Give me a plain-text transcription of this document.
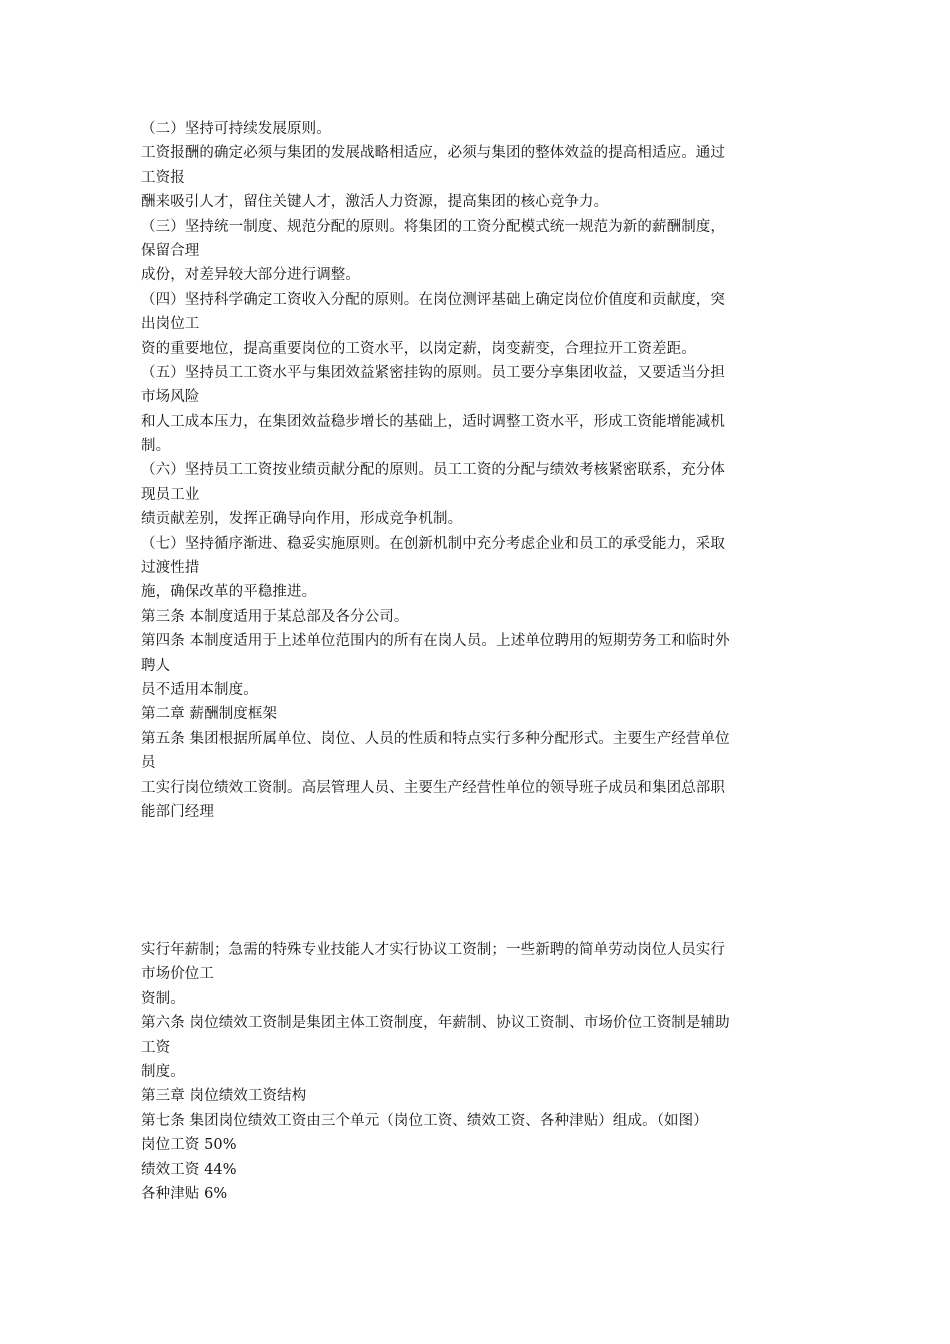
（二）坚持可持续发展原则。
工资报酬的确定必须与集团的发展战略相适应，必须与集团的整体效益的提高相适应。通过
工资报
酬来吸引人才，留住关键人才，激活人力资源，提高集团的核心竞争力。
（三）坚持统一制度、规范分配的原则。将集团的工资分配模式统一规范为新的薪酬制度，
保留合理
成份，对差异较大部分进行调整。
（四）坚持科学确定工资收入分配的原则。在岗位测评基础上确定岗位价值度和贡献度，突
出岗位工
资的重要地位，提高重要岗位的工资水平，以岗定薪，岗变薪变，合理拉开工资差距。
（五）坚持员工工资水平与集团效益紧密挂钩的原则。员工要分享集团收益，又要适当分担
市场风险
和人工成本压力，在集团效益稳步增长的基础上，适时调整工资水平，形成工资能增能减机
制。
（六）坚持员工工资按业绩贡献分配的原则。员工工资的分配与绩效考核紧密联系，充分体
现员工业
绩贡献差别，发挥正确导向作用，形成竞争机制。
（七）坚持循序渐进、稳妥实施原则。在创新机制中充分考虑企业和员工的承受能力，采取
过渡性措
施，确保改革的平稳推进。
第三条 本制度适用于某总部及各分公司。
第四条 本制度适用于上述单位范围内的所有在岗人员。上述单位聘用的短期劳务工和临时外
聘人
员不适用本制度。
第二章 薪酬制度框架
第五条 集团根据所属单位、岗位、人员的性质和特点实行多种分配形式。主要生产经营单位
员
工实行岗位绩效工资制。高层管理人员、主要生产经营性单位的领导班子成员和集团总部职
能部门经理
实行年薪制；急需的特殊专业技能人才实行协议工资制；一些新聘的简单劳动岗位人员实行
市场价位工
资制。
第六条 岗位绩效工资制是集团主体工资制度，年薪制、协议工资制、市场价位工资制是辅助
工资
制度。
第三章 岗位绩效工资结构
第七条 集团岗位绩效工资由三个单元（岗位工资、绩效工资、各种津贴）组成。（如图）
岗位工资 50%
绩效工资 44%
各种津贴 6%
